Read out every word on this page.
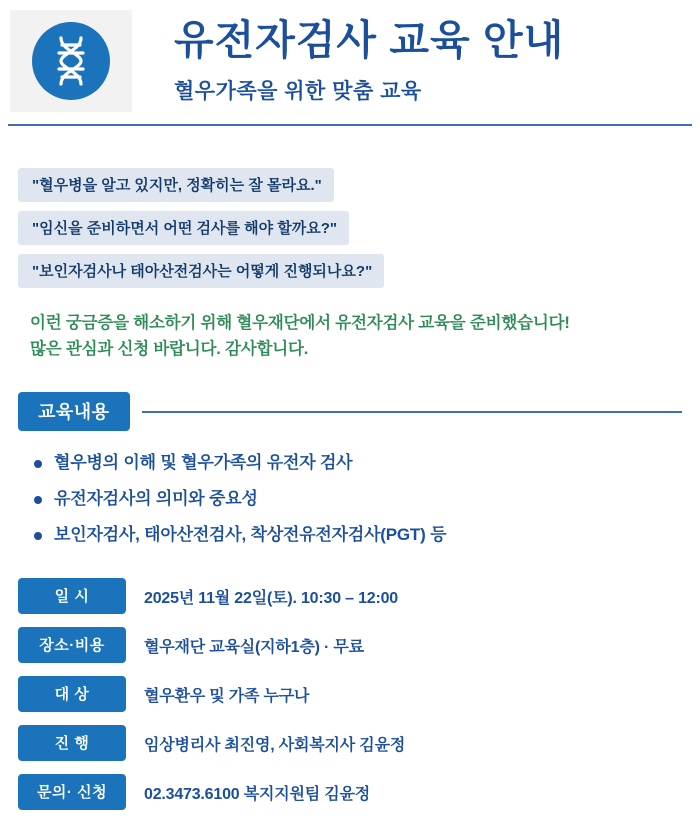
유전자검사 교육 안내
혈우가족을 위한 맞춤 교육
"혈우병을 알고 있지만, 정확히는 잘 몰라요."
"임신을 준비하면서 어떤 검사를 해야 할까요?"
"보인자검사나 태아산전검사는 어떻게 진행되나요?"
이런 궁금증을 해소하기 위해 혈우재단에서 유전자검사 교육을 준비했습니다!
많은 관심과 신청 바랍니다. 감사합니다.
교육내용
혈우병의 이해 및 혈우가족의 유전자 검사
유전자검사의 의미와 중요성
보인자검사, 태아산전검사, 착상전유전자검사(PGT) 등
일 시	2025년 11월 22일(토). 10:30 – 12:00
장소·비용	혈우재단 교육실(지하1층) · 무료
대 상	혈우환우 및 가족 누구나
진 행	임상병리사 최진영, 사회복지사 김윤정
문의· 신청	02.3473.6100 복지지원팀 김윤정
